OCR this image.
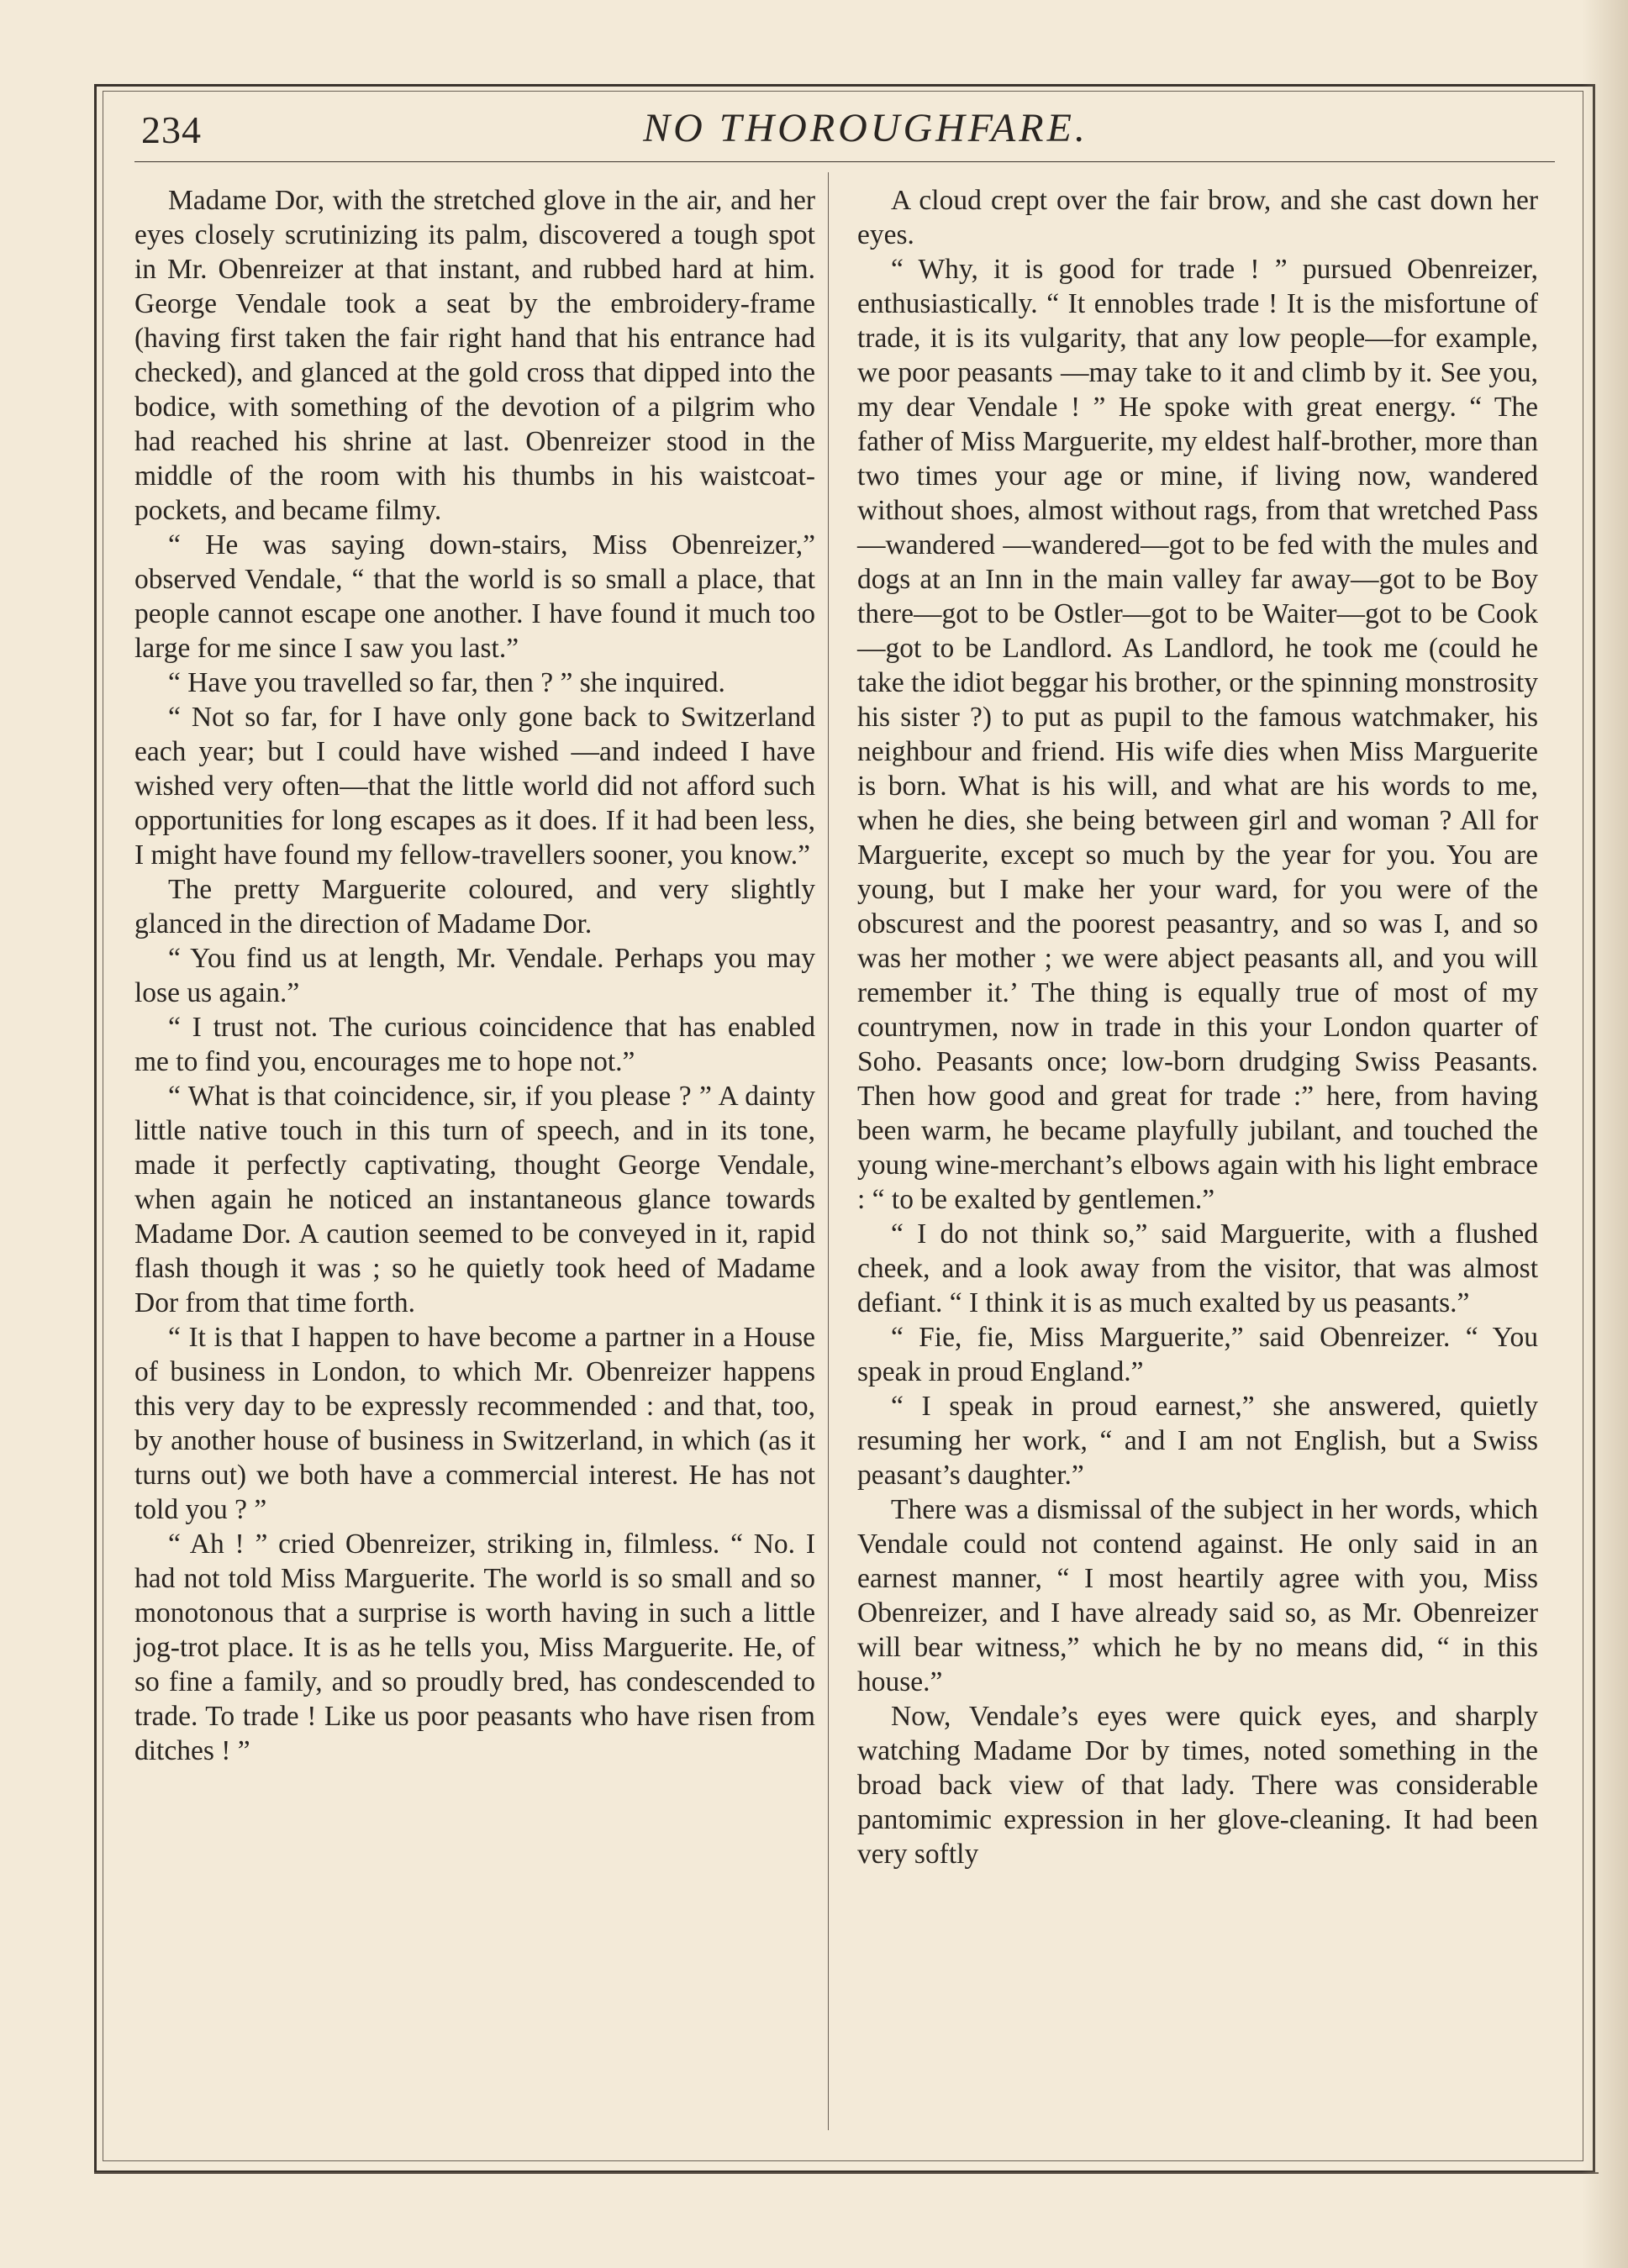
234	NO THOROUGHFARE.

Madame Dor, with the stretched glove in the air, and her eyes closely scrutinizing its palm, discovered a tough spot in Mr. Obenreizer at that instant, and rubbed hard at him. George Vendale took a seat by the embroidery-frame (having first taken the fair right hand that his entrance had checked), and glanced at the gold cross that dipped into the bodice, with something of the devotion of a pilgrim who had reached his shrine at last. Obenreizer stood in the middle of the room with his thumbs in his waistcoat-pockets, and became filmy.

“ He was saying down-stairs, Miss Obenreizer,” observed Vendale, “ that the world is so small a place, that people cannot escape one another. I have found it much too large for me since I saw you last.”

“ Have you travelled so far, then ? ” she inquired.

“ Not so far, for I have only gone back to Switzerland each year; but I could have wished —and indeed I have wished very often—that the little world did not afford such opportunities for long escapes as it does. If it had been less, I might have found my fellow-travellers sooner, you know.”

The pretty Marguerite coloured, and very slightly glanced in the direction of Madame Dor.

“ You find us at length, Mr. Vendale. Perhaps you may lose us again.”

“ I trust not. The curious coincidence that has enabled me to find you, encourages me to hope not.”

“ What is that coincidence, sir, if you please ? ” A dainty little native touch in this turn of speech, and in its tone, made it perfectly captivating, thought George Vendale, when again he noticed an instantaneous glance towards Madame Dor. A caution seemed to be conveyed in it, rapid flash though it was ; so he quietly took heed of Madame Dor from that time forth.

“ It is that I happen to have become a partner in a House of business in London, to which Mr. Obenreizer happens this very day to be expressly recommended : and that, too, by another house of business in Switzerland, in which (as it turns out) we both have a commercial interest. He has not told you ? ”

“ Ah ! ” cried Obenreizer, striking in, filmless. “ No. I had not told Miss Marguerite. The world is so small and so monotonous that a surprise is worth having in such a little jog-trot place. It is as he tells you, Miss Marguerite. He, of so fine a family, and so proudly bred, has condescended to trade. To trade ! Like us poor peasants who have risen from ditches ! ”

A cloud crept over the fair brow, and she cast down her eyes.

“ Why, it is good for trade ! ” pursued Obenreizer, enthusiastically. “ It ennobles trade ! It is the misfortune of trade, it is its vulgarity, that any low people—for example, we poor peasants —may take to it and climb by it. See you, my dear Vendale ! ” He spoke with great energy. “ The father of Miss Marguerite, my eldest half-brother, more than two times your age or mine, if living now, wandered without shoes, almost without rags, from that wretched Pass—wandered —wandered—got to be fed with the mules and dogs at an Inn in the main valley far away—got to be Boy there—got to be Ostler—got to be Waiter—got to be Cook—got to be Landlord. As Landlord, he took me (could he take the idiot beggar his brother, or the spinning monstrosity his sister ?) to put as pupil to the famous watchmaker, his neighbour and friend. His wife dies when Miss Marguerite is born. What is his will, and what are his words to me, when he dies, she being between girl and woman ? All for Marguerite, except so much by the year for you. You are young, but I make her your ward, for you were of the obscurest and the poorest peasantry, and so was I, and so was her mother ; we were abject peasants all, and you will remember it.’ The thing is equally true of most of my countrymen, now in trade in this your London quarter of Soho. Peasants once; low-born drudging Swiss Peasants. Then how good and great for trade :” here, from having been warm, he became playfully jubilant, and touched the young wine-merchant’s elbows again with his light embrace : “ to be exalted by gentlemen.”

“ I do not think so,” said Marguerite, with a flushed cheek, and a look away from the visitor, that was almost defiant. “ I think it is as much exalted by us peasants.”

“ Fie, fie, Miss Marguerite,” said Obenreizer. “ You speak in proud England.”

“ I speak in proud earnest,” she answered, quietly resuming her work, “ and I am not English, but a Swiss peasant’s daughter.”

There was a dismissal of the subject in her words, which Vendale could not contend against. He only said in an earnest manner, “ I most heartily agree with you, Miss Obenreizer, and I have already said so, as Mr. Obenreizer will bear witness,” which he by no means did, “ in this house.”

Now, Vendale’s eyes were quick eyes, and sharply watching Madame Dor by times, noted something in the broad back view of that lady. There was considerable pantomimic expression in her glove-cleaning. It had been very softly
